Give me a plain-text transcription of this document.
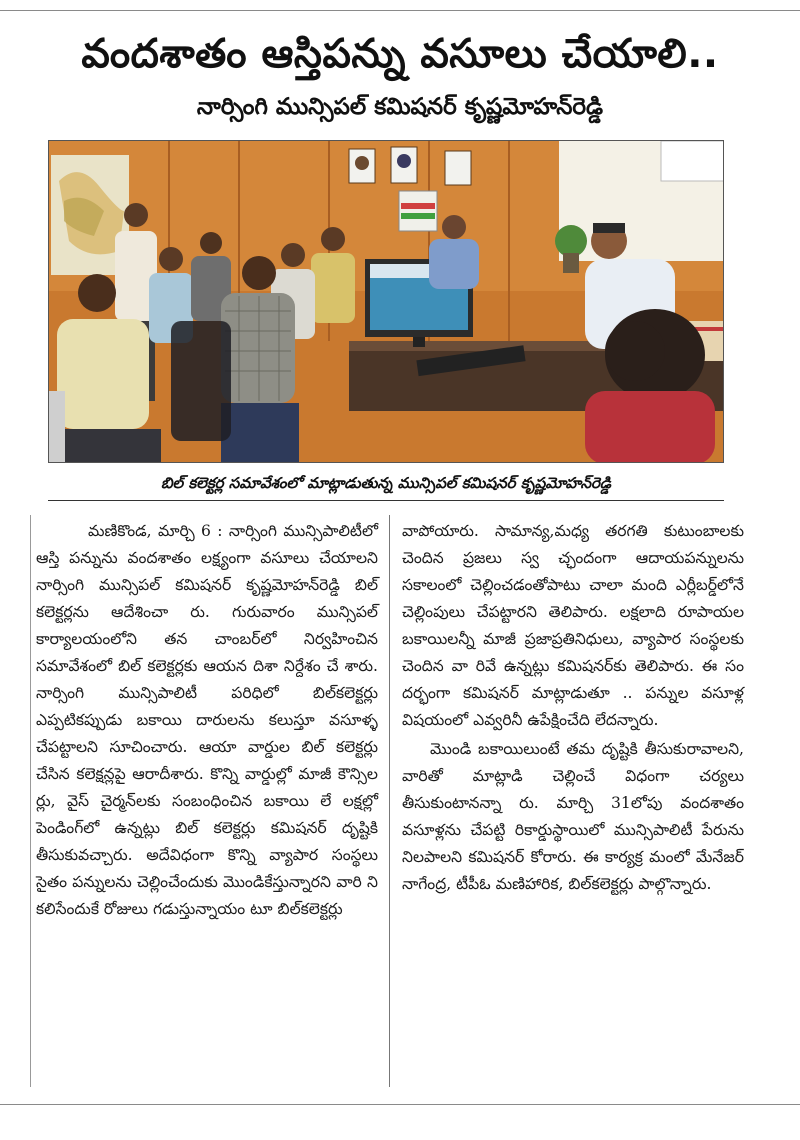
వందశాతం ఆస్తిపన్ను వసూలు చేయాలి..
నార్సింగి మున్సిపల్ కమిషనర్ కృష్ణమోహన్‌రెడ్డి
బిల్ కలెక్టర్ల సమావేశంలో మాట్లాడుతున్న మున్సిపల్ కమిషనర్ కృష్ణమోహన్‌రెడ్డి

మణికొండ, మార్చి 6 : నార్సింగి మున్సిపాలిటీలో ఆస్తి పన్నును వందశాతం లక్ష్యంగా వసూలు చేయాలని నార్సింగి మున్సిపల్ కమిషనర్ కృష్ణమోహన్‌రెడ్డి బిల్ కలెక్టర్లను ఆదేశించా రు. గురువారం మున్సిపల్ కార్యాలయంలోని తన చాంబర్‌లో నిర్వహించిన సమావేశంలో బిల్ కలెక్టర్లకు ఆయన దిశా నిర్దేశం చే శారు. నార్సింగి మున్సిపాలిటీ పరిధిలో బిల్‌కలెక్టర్లు ఎప్పటికప్పుడు బకాయి దారులను కలుస్తూ వసూళ్ళ చేపట్టాలని సూచించారు. ఆయా వార్డుల బిల్ కలెక్టర్లు చేసిన కలెక్షన్లపై ఆరాదీశారు. కొన్ని వార్డుల్లో మాజీ కౌన్సిల ర్లు, వైస్ చైర్మన్‌లకు సంబంధించిన బకాయి లే లక్షల్లో పెండింగ్‌లో ఉన్నట్లు బిల్ కలెక్టర్లు కమిషనర్ దృష్టికి తీసుకువచ్చారు. అదేవిధంగా కొన్ని వ్యాపార సంస్థలు సైతం పన్నులను చెల్లించేందుకు మొండికేస్తున్నారని వారి ని కలిసేందుకే రోజులు గడుస్తున్నాయం టూ బిల్‌కలెక్టర్లు

వాపోయారు. సామాన్య,మధ్య తరగతి కుటుంబాలకు చెందిన ప్రజలు స్వ చ్ఛందంగా ఆదాయపన్నులను సకాలంలో చెల్లించడంతోపాటు చాలా మంది ఎర్లీబర్డ్‌లోనే చెల్లింపులు చేపట్టారని తెలిపారు. లక్షలాది రూపాయల బకాయిలన్నీ మాజీ ప్రజాప్రతినిధులు, వ్యాపార సంస్థలకు చెందిన వా రివే ఉన్నట్లు కమిషనర్‌కు తెలిపారు. ఈ సం దర్భంగా కమిషనర్ మాట్లాడుతూ .. పన్నుల వసూళ్ల విషయంలో ఎవ్వరినీ ఉపేక్షించేది లేదన్నారు.

మొండి బకాయిలుంటే తమ దృష్టికి తీసుకురావాలని, వారితో మాట్లాడి చెల్లించే విధంగా చర్యలు తీసుకుంటానన్నా రు. మార్చి 31లోపు వందశాతం వసూళ్లను చేపట్టి రికార్డుస్థాయిలో మున్సిపాలిటీ పేరును నిలపాలని కమిషనర్ కోరారు. ఈ కార్యక్ర మంలో మేనేజర్ నాగేంద్ర, టీపీఓ మణిహారిక, బిల్‌కలెక్టర్లు పాల్గొన్నారు.
